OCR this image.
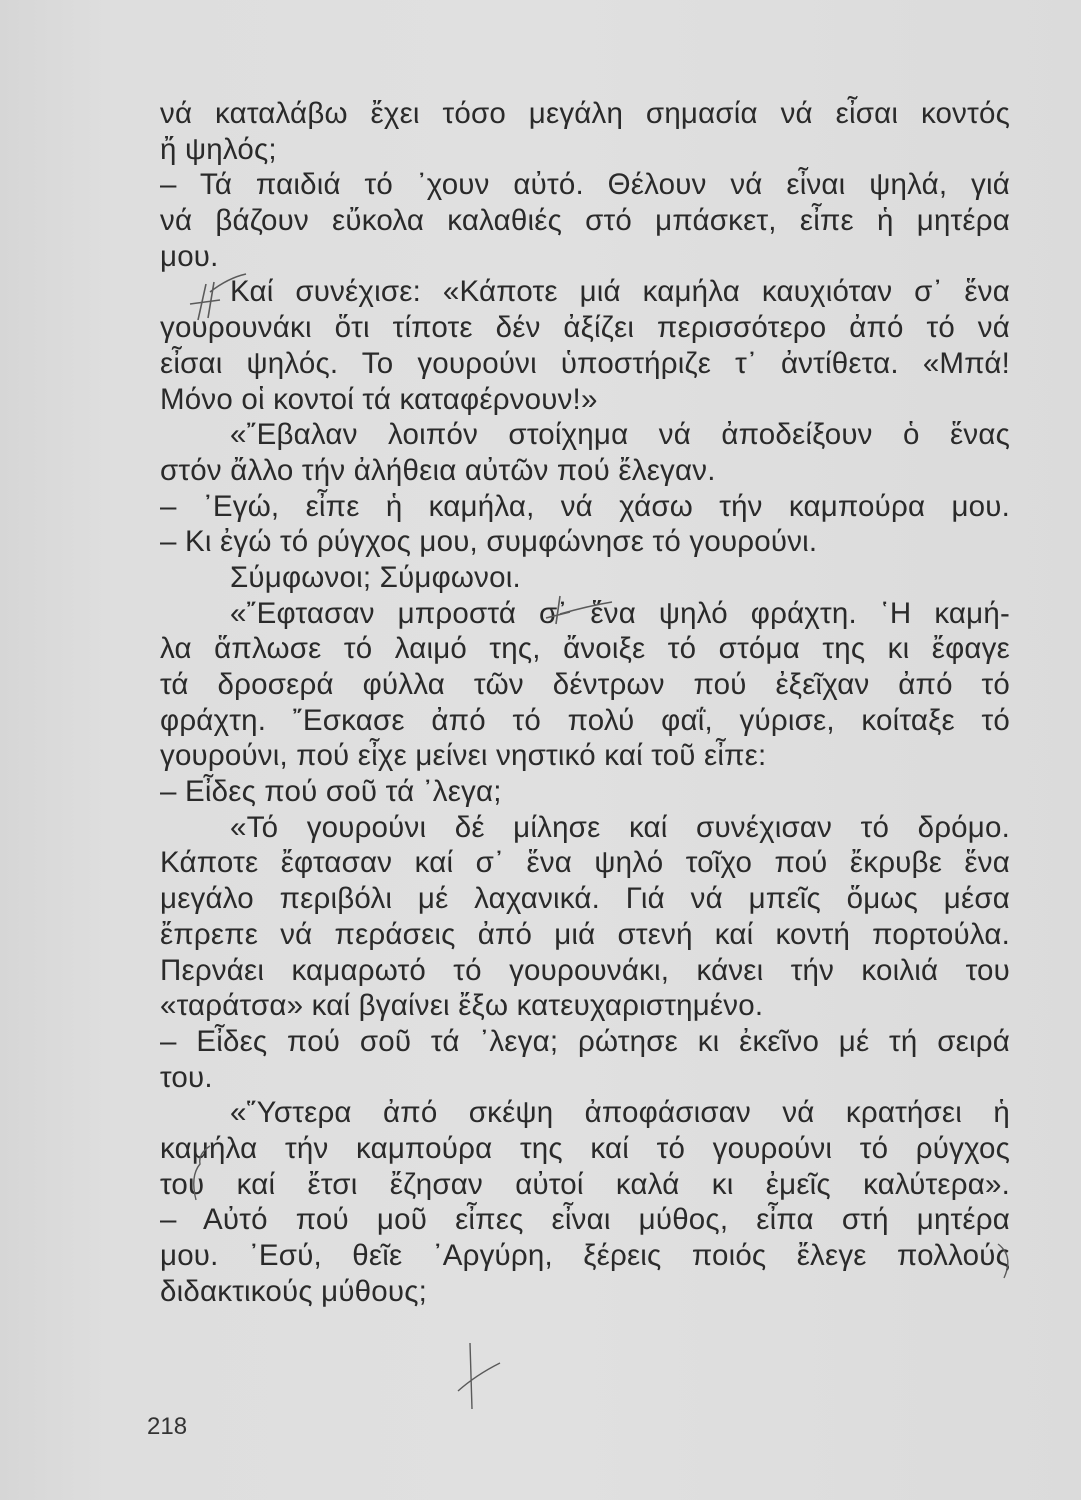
νά καταλάβω ἔχει τόσο μεγάλη σημασία νά εἶσαι κοντός
ἤ ψηλός;
– Τά παιδιά τό ᾽χουν αὐτό. Θέλουν νά εἶναι ψηλά, γιά
νά βάζουν εὔκολα καλαθιές στό μπάσκετ, εἶπε ἡ μητέρα
μου.
Καί συνέχισε: «Κάποτε μιά καμήλα καυχιόταν σ᾽ ἕνα
γουρουνάκι ὅτι τίποτε δέν ἀξίζει περισσότερο ἀπό τό νά
εἶσαι ψηλός. Το γουρούνι ὑποστήριζε τ᾽ ἀντίθετα. «Μπά!
Μόνο οἱ κοντοί τά καταφέρνουν!»
«῎Εβαλαν λοιπόν στοίχημα νά ἀποδείξουν ὁ ἕνας
στόν ἄλλο τήν ἀλήθεια αὐτῶν πού ἔλεγαν.
– ᾽Εγώ, εἶπε ἡ καμήλα, νά χάσω τήν καμπούρα μου.
– Κι ἐγώ τό ρύγχος μου, συμφώνησε τό γουρούνι.
Σύμφωνοι; Σύμφωνοι.
«῎Εφτασαν μπροστά σ᾽ ἕνα ψηλό φράχτη. ῾Η καμή-
λα ἅπλωσε τό λαιμό της, ἄνοιξε τό στόμα της κι ἔφαγε
τά δροσερά φύλλα τῶν δέντρων πού ἐξεῖχαν ἀπό τό
φράχτη. ῎Εσκασε ἀπό τό πολύ φαΐ, γύρισε, κοίταξε τό
γουρούνι, πού εἶχε μείνει νηστικό καί τοῦ εἶπε:
– Εἶδες πού σοῦ τά ᾽λεγα;
«Τό γουρούνι δέ μίλησε καί συνέχισαν τό δρόμο.
Κάποτε ἔφτασαν καί σ᾽ ἕνα ψηλό τοῖχο πού ἔκρυβε ἕνα
μεγάλο περιβόλι μέ λαχανικά. Γιά νά μπεῖς ὅμως μέσα
ἔπρεπε νά περάσεις ἀπό μιά στενή καί κοντή πορτούλα.
Περνάει καμαρωτό τό γουρουνάκι, κάνει τήν κοιλιά του
«ταράτσα» καί βγαίνει ἔξω κατευχαριστημένο.
– Εἶδες πού σοῦ τά ᾽λεγα; ρώτησε κι ἐκεῖνο μέ τή σειρά
του.
«῞Υστερα ἀπό σκέψη ἀποφάσισαν νά κρατήσει ἡ
καμήλα τήν καμπούρα της καί τό γουρούνι τό ρύγχος
του καί ἔτσι ἔζησαν αὐτοί καλά κι ἐμεῖς καλύτερα».
– Αὐτό πού μοῦ εἶπες εἶναι μύθος, εἶπα στή μητέρα
μου. ᾽Εσύ, θεῖε ᾽Αργύρη, ξέρεις ποιός ἔλεγε πολλούς
διδακτικούς μύθους;
218
